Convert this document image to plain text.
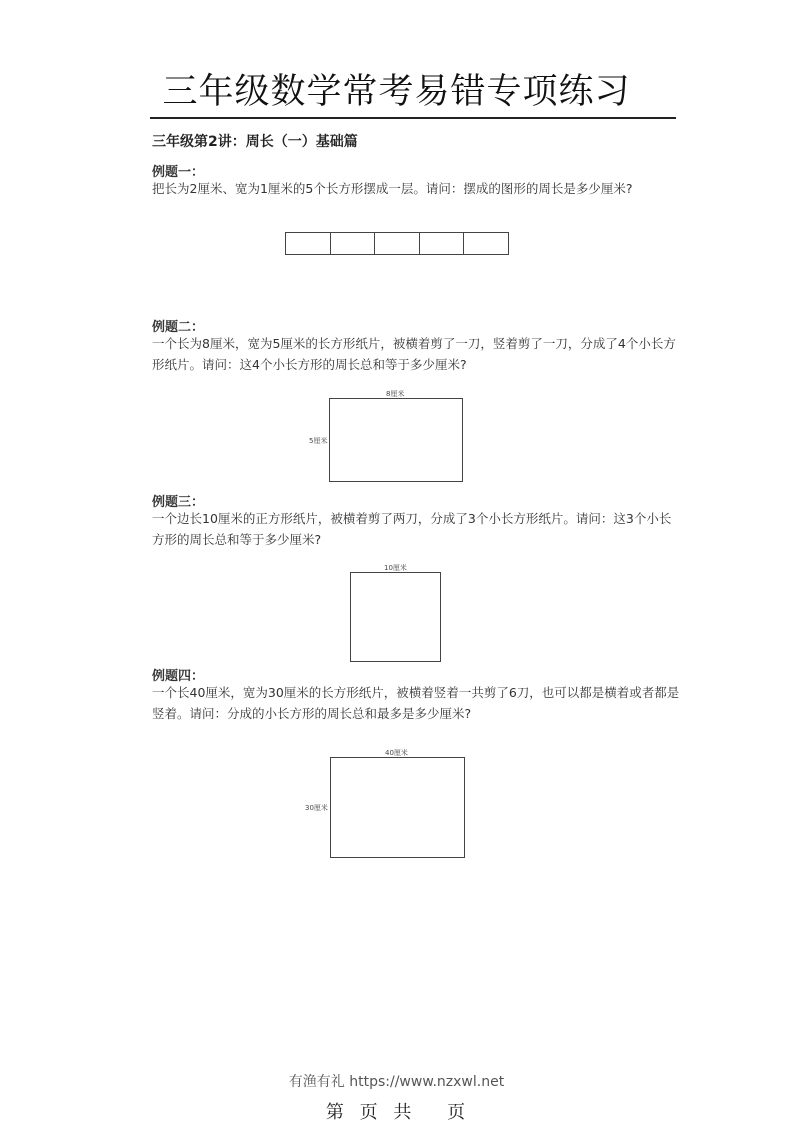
三年级数学常考易错专项练习
三年级第2讲：周长（一）基础篇
例题一：
把长为2厘米、宽为1厘米的5个长方形摆成一层。请问：摆成的图形的周长是多少厘米?
例题二：
一个长为8厘米，宽为5厘米的长方形纸片，被横着剪了一刀，竖着剪了一刀，分成了4个小长方形纸片。请问：这4个小长方形的周长总和等于多少厘米?
8厘米
5厘米
例题三：
一个边长10厘米的正方形纸片，被横着剪了两刀，分成了3个小长方形纸片。请问：这3个小长方形的周长总和等于多少厘米?
10厘米
例题四：
一个长40厘米，宽为30厘米的长方形纸片，被横着竖着一共剪了6刀，也可以都是横着或者都是竖着。请问：分成的小长方形的周长总和最多是多少厘米?
40厘米
30厘米
有渔有礼 https://www.nzxwl.net
第 页 共 页
